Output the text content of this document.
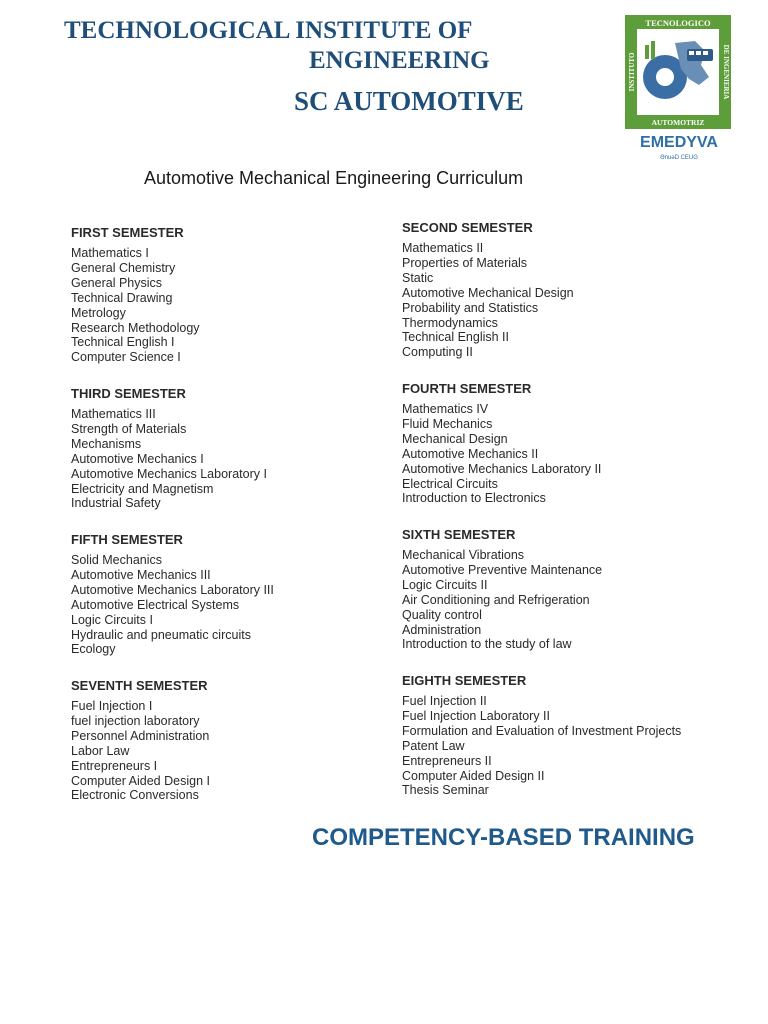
TECHNOLOGICAL INSTITUTE OF
ENGINEERING
SC AUTOMOTIVE
TECNOLOGICO
AUTOMOTRIZ
INSTITUTO	DE INGENIERIA
EMEDYVA
ƏnuəD CEUG
Automotive Mechanical Engineering Curriculum
FIRST SEMESTER
Mathematics I
General Chemistry
General Physics
Technical Drawing
Metrology
Research Methodology
Technical English I
Computer Science I
SECOND SEMESTER
Mathematics II
Properties of Materials
Static
Automotive Mechanical Design
Probability and Statistics
Thermodynamics
Technical English II
Computing II
THIRD SEMESTER
Mathematics III
Strength of Materials
Mechanisms
Automotive Mechanics I
Automotive Mechanics Laboratory I
Electricity and Magnetism
Industrial Safety
FOURTH SEMESTER
Mathematics IV
Fluid Mechanics
Mechanical Design
Automotive Mechanics II
Automotive Mechanics Laboratory II
Electrical Circuits
Introduction to Electronics
FIFTH SEMESTER
Solid Mechanics
Automotive Mechanics III
Automotive Mechanics Laboratory III
Automotive Electrical Systems
Logic Circuits I
Hydraulic and pneumatic circuits
Ecology
SIXTH SEMESTER
Mechanical Vibrations
Automotive Preventive Maintenance
Logic Circuits II
Air Conditioning and Refrigeration
Quality control
Administration
Introduction to the study of law
SEVENTH SEMESTER
Fuel Injection I
fuel injection laboratory
Personnel Administration
Labor Law
Entrepreneurs I
Computer Aided Design I
Electronic Conversions
EIGHTH SEMESTER
Fuel Injection II
Fuel Injection Laboratory II
Formulation and Evaluation of Investment Projects
Patent Law
Entrepreneurs II
Computer Aided Design II
Thesis Seminar
COMPETENCY-BASED TRAINING
